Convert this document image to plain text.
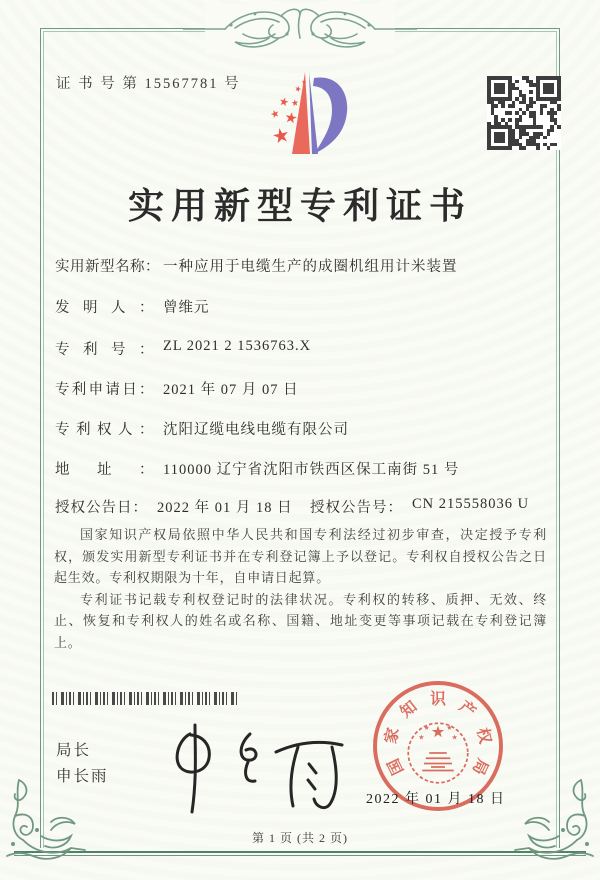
证 书 号 第 15567781 号
实用新型专利证书
实用新型名称： 一种应用于电缆生产的成圈机组用计米装置
发明人： 曾维元
专利号： ZL 2021 2 1536763.X
专利申请日： 2021 年 07 月 07 日
专利权人： 沈阳辽缆电线电缆有限公司
地址： 110000 辽宁省沈阳市铁西区保工南街 51 号
授权公告日： 2022 年 01 月 18 日 授权公告号： CN 215558036 U

国家知识产权局依照中华人民共和国专利法经过初步审查，决定授予专利权，颁发实用新型专利证书并在专利登记簿上予以登记。专利权自授权公告之日起生效。专利权期限为十年，自申请日起算。

专利证书记载专利权登记时的法律状况。专利权的转移、质押、无效、终止、恢复和专利权人的姓名或名称、国籍、地址变更等事项记载在专利登记簿上。

局长
申长雨	国
家
知 识 产
权
局
2022 年 01 月 18 日
第 1 页 (共 2 页)
